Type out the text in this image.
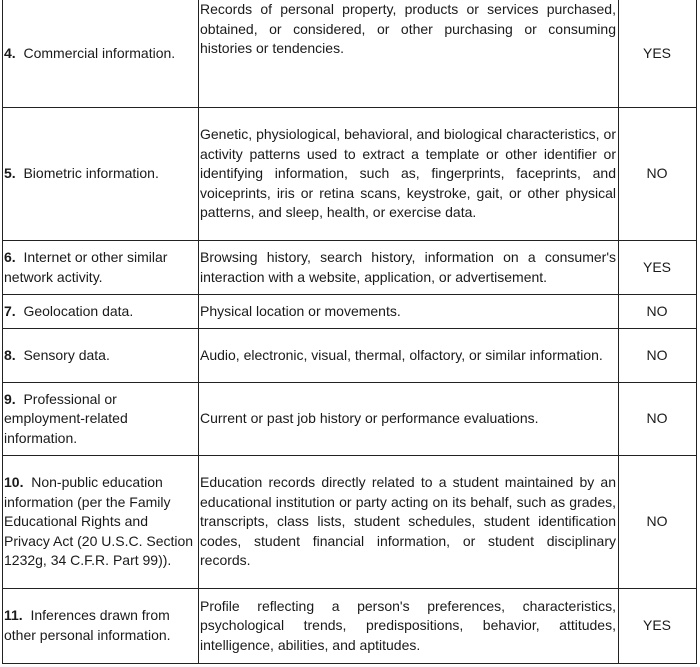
4. Commercial information.	Records of personal property, products or services purchased, obtained, or considered, or other purchasing or consuming histories or tendencies.	YES
5. Biometric information.	Genetic, physiological, behavioral, and biological characteristics, or activity patterns used to extract a template or other identifier or identifying information, such as, fingerprints, faceprints, and voiceprints, iris or retina scans, keystroke, gait, or other physical patterns, and sleep, health, or exercise data.	NO
6. Internet or other similar network activity.	Browsing history, search history, information on a consumer's interaction with a website, application, or advertisement.	YES
7. Geolocation data.	Physical location or movements.	NO
8. Sensory data.	Audio, electronic, visual, thermal, olfactory, or similar information.	NO
9. Professional or employment-related information.	Current or past job history or performance evaluations.	NO
10. Non-public education information (per the Family Educational Rights and Privacy Act (20 U.S.C. Section 1232g, 34 C.F.R. Part 99)).	Education records directly related to a student maintained by an educational institution or party acting on its behalf, such as grades, transcripts, class lists, student schedules, student identification codes, student financial information, or student disciplinary records.	NO
11. Inferences drawn from other personal information.	Profile reflecting a person's preferences, characteristics, psychological trends, predispositions, behavior, attitudes, intelligence, abilities, and aptitudes.	YES
